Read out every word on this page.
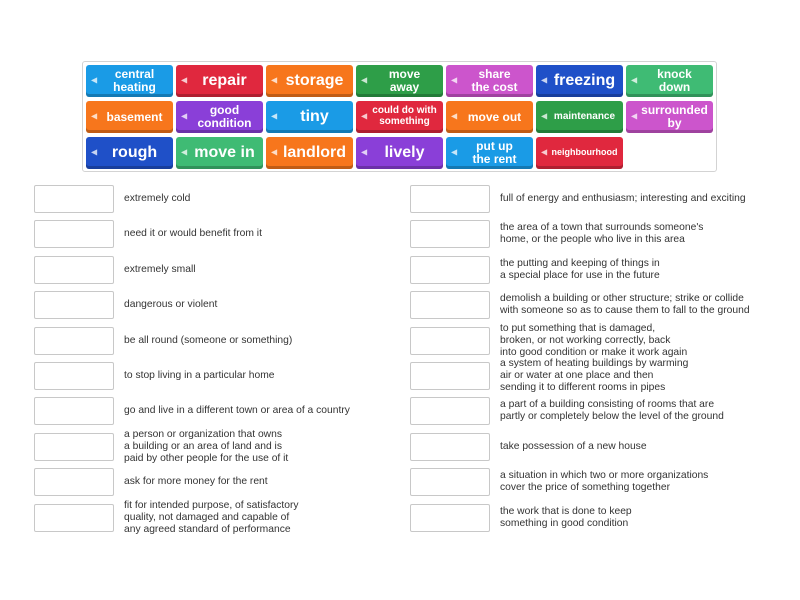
◀ central
heating	◀ repair	◀ storage ◀ move
away	◀	share
the cost	◀ freezing ◀ knock
down
◀ basement ◀	good
condition ◀ tiny	◀ could do with
something	◀ move out ◀ maintenance ◀ surrounded
by
◀ rough	◀ move in ◀ landlord ◀ lively	◀	put up
the rent	◀ neighbourhood
extremely cold
need it or would benefit from it
extremely small
dangerous or violent
be all round (someone or something)
to stop living in a particular home
go and live in a different town or area of a country
a person or organization that owns
a building or an area of land and is
paid by other people for the use of it
ask for more money for the rent
fit for intended purpose, of satisfactory
quality, not damaged and capable of
any agreed standard of performance
full of energy and enthusiasm; interesting and exciting
the area of a town that surrounds someone's
home, or the people who live in this area
the putting and keeping of things in
a special place for use in the future
demolish a building or other structure; strike or collide
with someone so as to cause them to fall to the ground
to put something that is damaged,
broken, or not working correctly, back
into good condition or make it work again
a system of heating buildings by warming
air or water at one place and then
sending it to different rooms in pipes
a part of a building consisting of rooms that are
partly or completely below the level of the ground
take possession of a new house
a situation in which two or more organizations
cover the price of something together
the work that is done to keep
something in good condition
